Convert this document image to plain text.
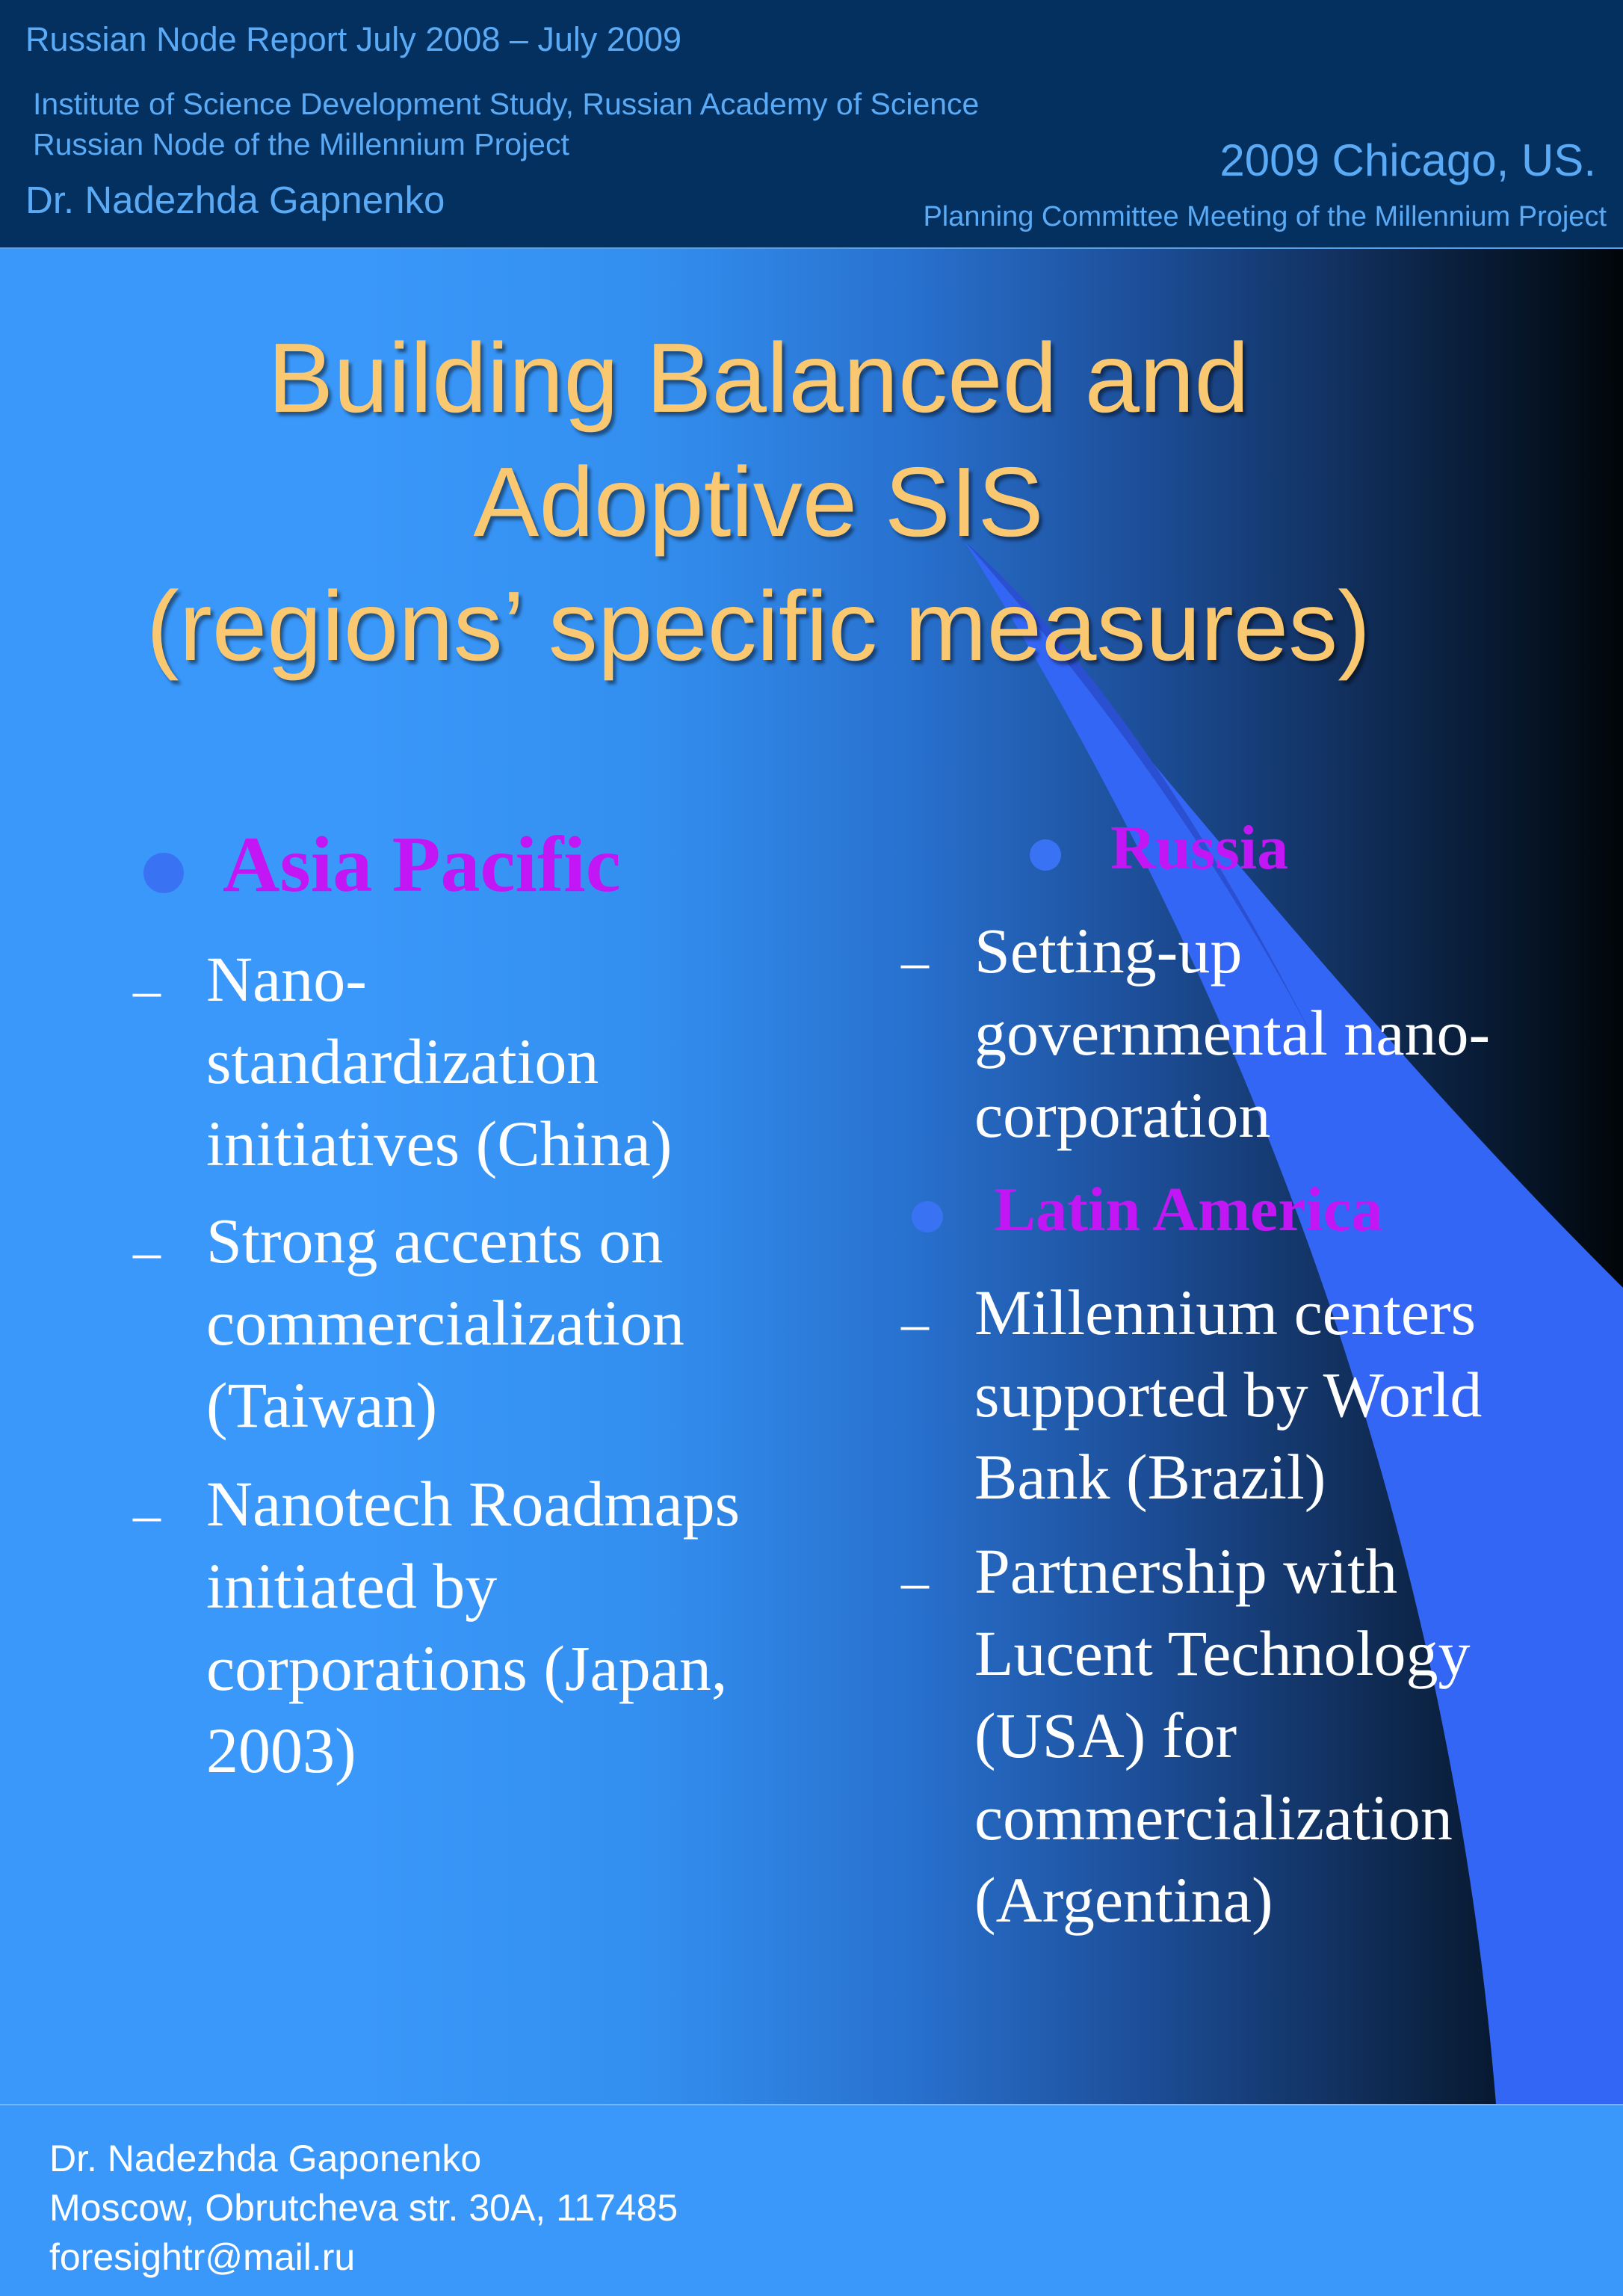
Russian Node Report July 2008 – July 2009
Institute of Science Development Study, Russian Academy of Science
Russian Node of the Millennium Project
Dr. Nadezhda Gapnenko
2009 Chicago, US.
Planning Committee Meeting of the Millennium Project
Building Balanced and
Adoptive SIS
(regions’ specific measures)
Asia Pacific
– Nano-
standardization
initiatives (China)
– Strong accents on
commercialization
(Taiwan)
– Nanotech Roadmaps
initiated by
corporations (Japan,
2003)
Russia
– Setting-up
governmental nano-
corporation
Latin America
– Millennium centers
supported by World
Bank (Brazil)
– Partnership with
Lucent Technology
(USA) for
commercialization
(Argentina)
Dr. Nadezhda Gaponenko
Moscow, Obrutcheva str. 30A, 117485
foresightr@mail.ru
